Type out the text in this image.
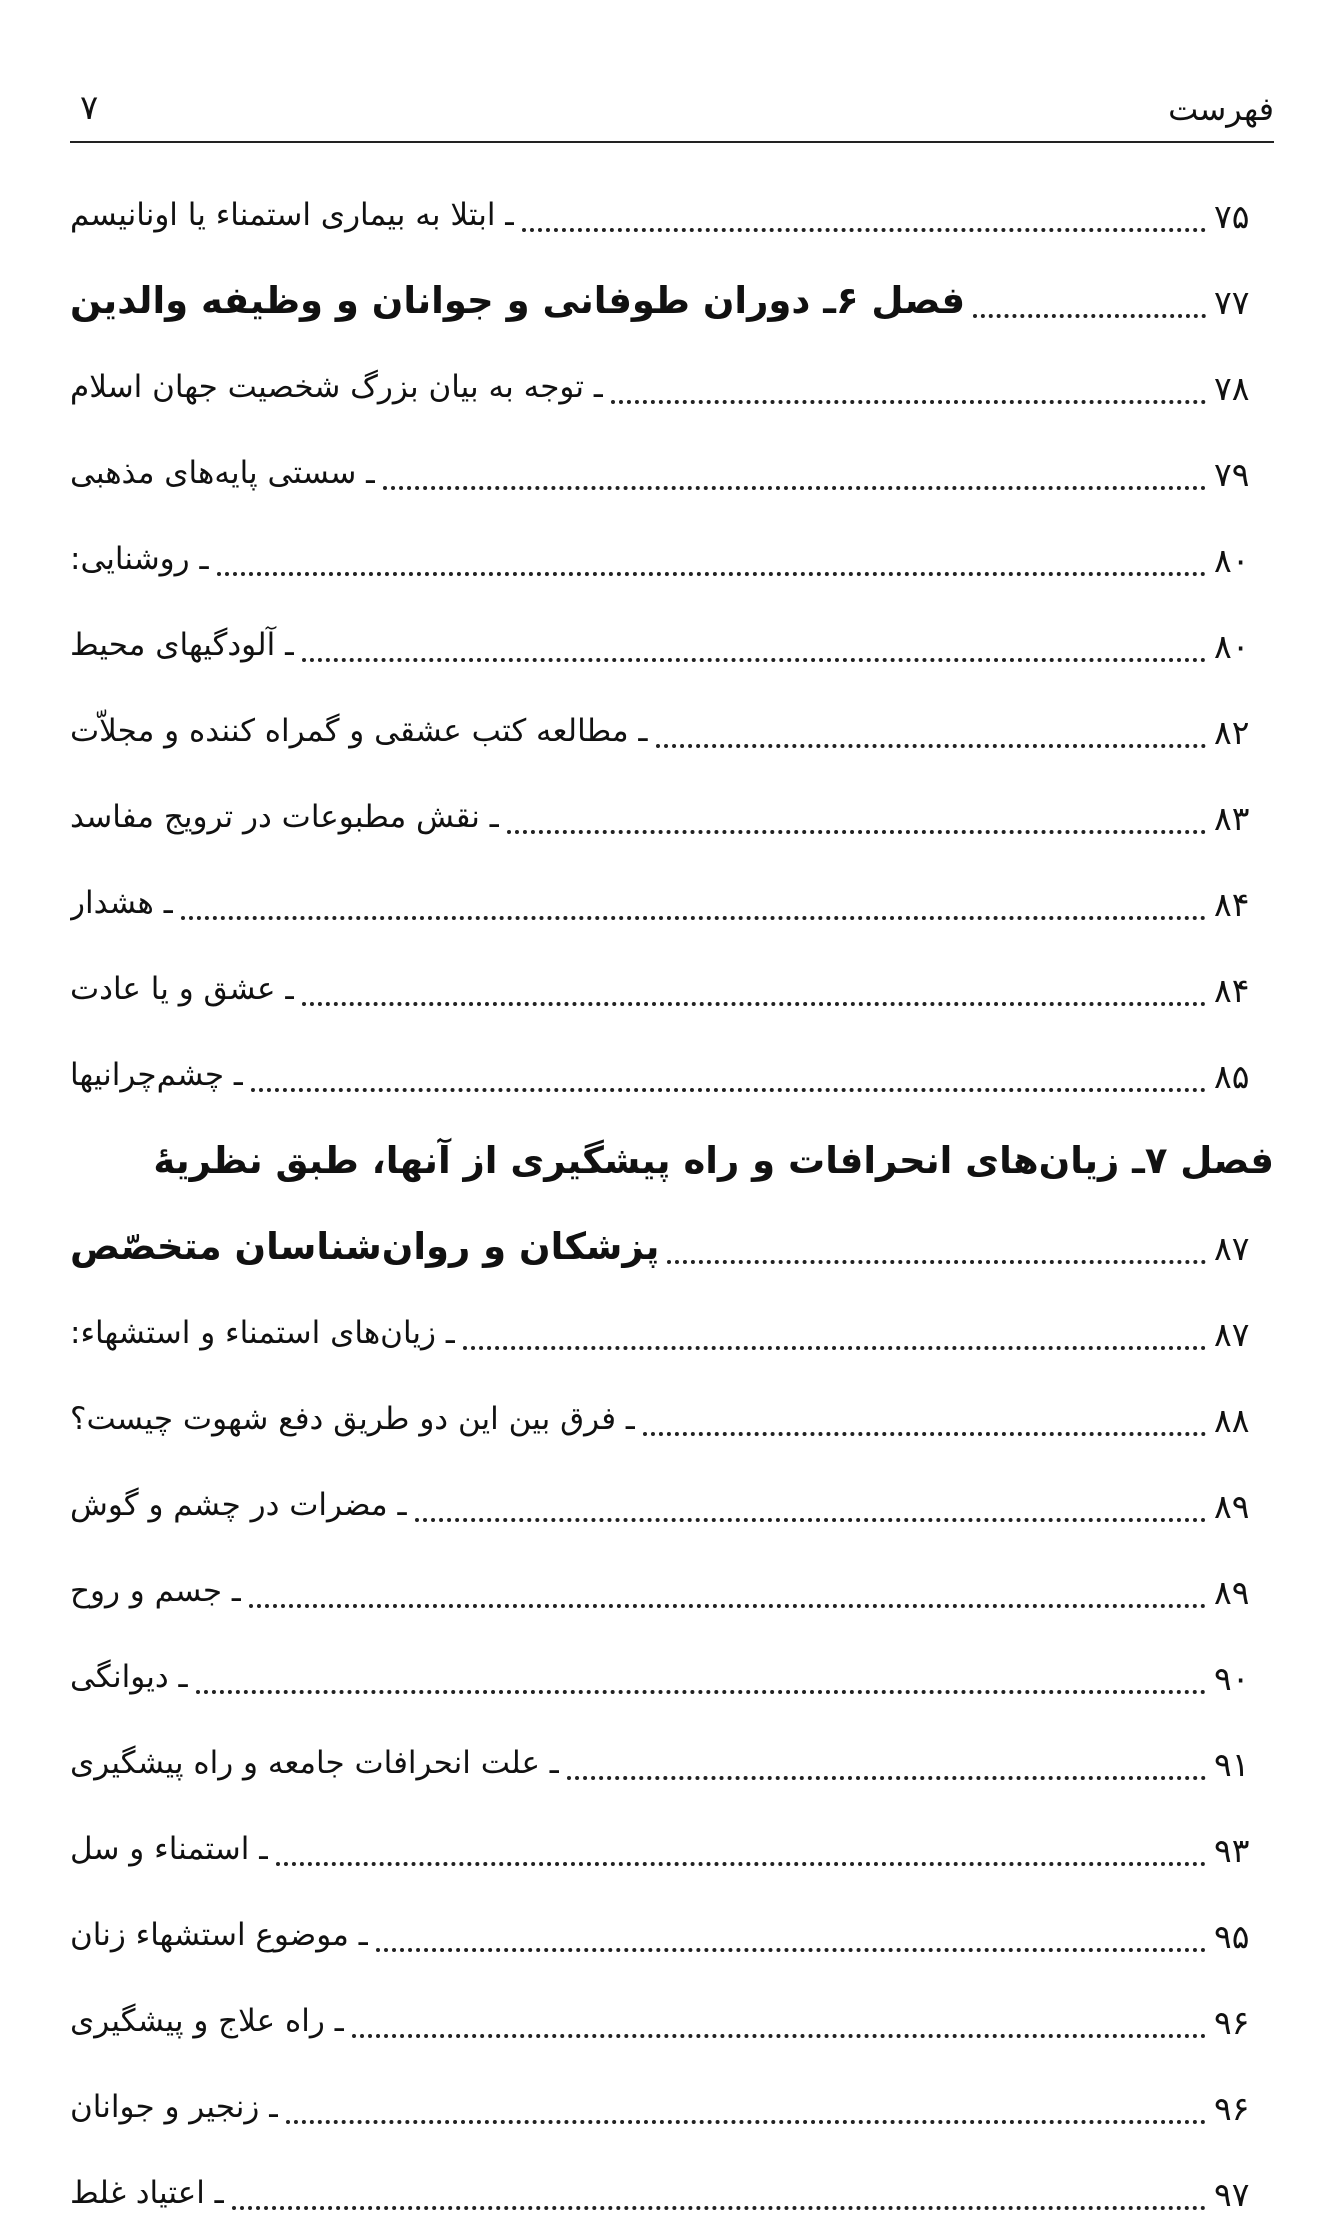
فهرست
۷
ـ ابتلا به بیماری استمناء یا اونانیسم	۷۵
فصل ۶ـ دوران طوفانی و جوانان و وظیفه والدین	۷۷
ـ توجه به بیان بزرگ شخصیت جهان اسلام	۷۸
ـ سستی پایه‌های مذهبی	۷۹
ـ روشنایی:	۸۰
ـ آلودگیهای محیط	۸۰
ـ مطالعه کتب عشقی و گمراه کننده و مجلاّت	۸۲
ـ نقش مطبوعات در ترویج مفاسد	۸۳
ـ هشدار	۸۴
ـ عشق و یا عادت	۸۴
ـ چشم‌چرانیها	۸۵
فصل ۷ـ زیان‌های انحرافات و راه پیشگیری از آنها، طبق نظریهٔ
پزشکان و روان‌شناسان متخصّص	۸۷
ـ زیان‌های استمناء و استشهاء:	۸۷
ـ فرق بین این دو طریق دفع شهوت چیست؟	۸۸
ـ مضرات در چشم و گوش	۸۹
ـ جسم و روح	۸۹
ـ دیوانگی	۹۰
ـ علت انحرافات جامعه و راه پیشگیری	۹۱
ـ استمناء و سل	۹۳
ـ موضوع استشهاء زنان	۹۵
ـ راه علاج و پیشگیری	۹۶
ـ زنجیر و جوانان	۹۶
ـ اعتیاد غلط	۹۷
